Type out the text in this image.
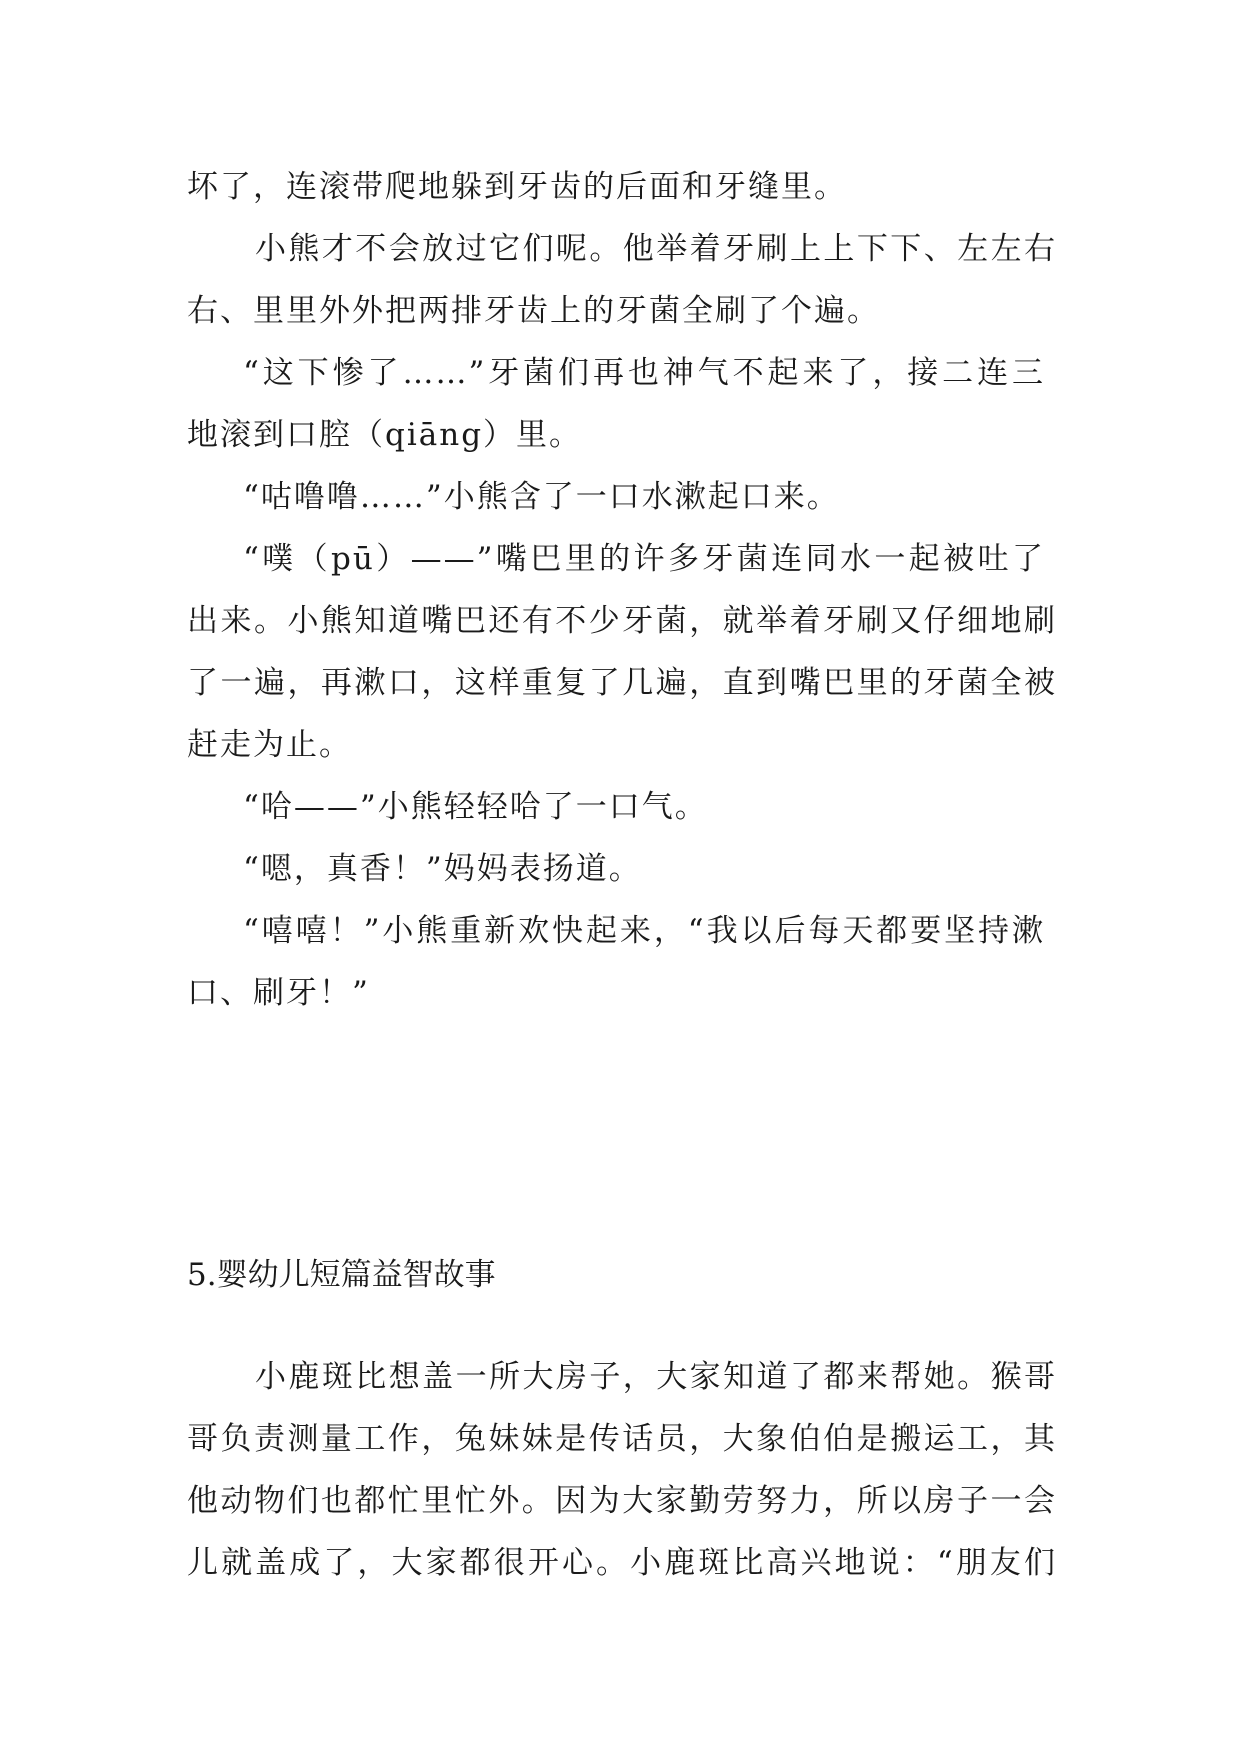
坏了，连滚带爬地躲到牙齿的后面和牙缝里。
小熊才不会放过它们呢。他举着牙刷上上下下、左左右
右、里里外外把两排牙齿上的牙菌全刷了个遍。
“这下惨了……”牙菌们再也神气不起来了，接二连三
地滚到口腔（qiāng）里。
“咕噜噜……”小熊含了一口水漱起口来。
“噗（pū）——”嘴巴里的许多牙菌连同水一起被吐了
出来。小熊知道嘴巴还有不少牙菌，就举着牙刷又仔细地刷
了一遍，再漱口，这样重复了几遍，直到嘴巴里的牙菌全被
赶走为止。
“哈——”小熊轻轻哈了一口气。
“嗯，真香！”妈妈表扬道。
“嘻嘻！”小熊重新欢快起来，“我以后每天都要坚持漱
口、刷牙！”
5.婴幼儿短篇益智故事
小鹿斑比想盖一所大房子，大家知道了都来帮她。猴哥
哥负责测量工作，兔妹妹是传话员，大象伯伯是搬运工，其
他动物们也都忙里忙外。因为大家勤劳努力，所以房子一会
儿就盖成了，大家都很开心。小鹿斑比高兴地说：“朋友们
